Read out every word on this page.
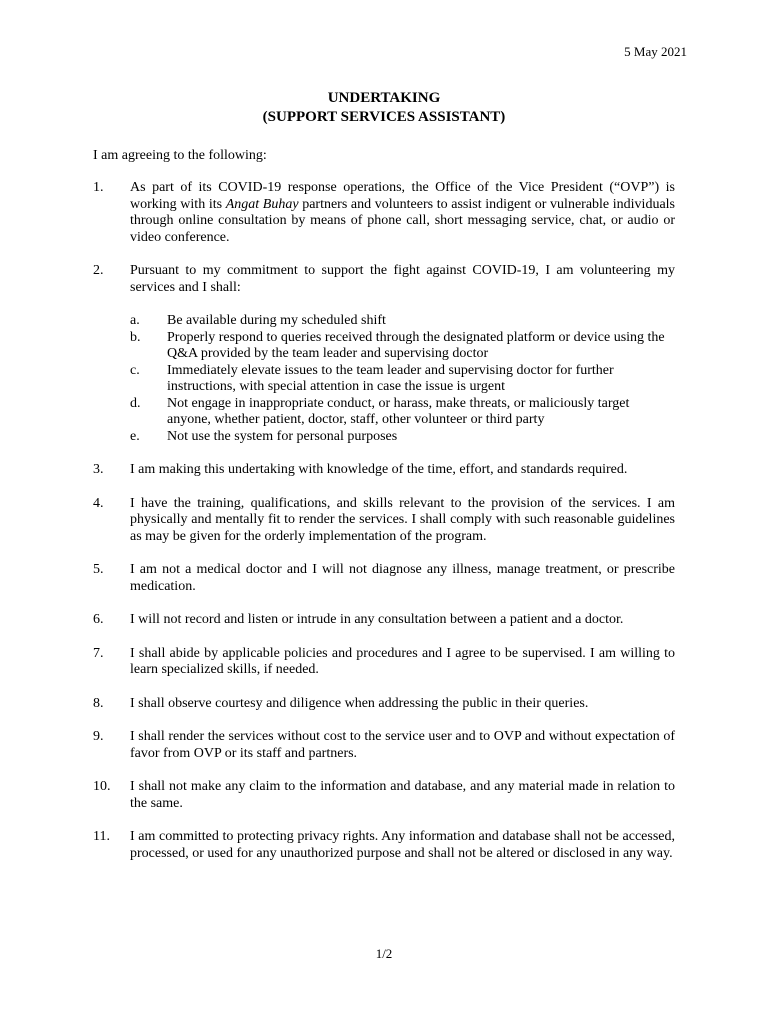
5 May 2021
UNDERTAKING
(SUPPORT SERVICES ASSISTANT)
I am agreeing to the following:
1. As part of its COVID-19 response operations, the Office of the Vice President (“OVP”) is working with its Angat Buhay partners and volunteers to assist indigent or vulnerable individuals through online consultation by means of phone call, short messaging service, chat, or audio or video conference.
2. Pursuant to my commitment to support the fight against COVID-19, I am volunteering my services and I shall:
a. Be available during my scheduled shift
b. Properly respond to queries received through the designated platform or device using the Q&A provided by the team leader and supervising doctor
c. Immediately elevate issues to the team leader and supervising doctor for further instructions, with special attention in case the issue is urgent
d. Not engage in inappropriate conduct, or harass, make threats, or maliciously target anyone, whether patient, doctor, staff, other volunteer or third party
e. Not use the system for personal purposes
3. I am making this undertaking with knowledge of the time, effort, and standards required.
4. I have the training, qualifications, and skills relevant to the provision of the services. I am physically and mentally fit to render the services. I shall comply with such reasonable guidelines as may be given for the orderly implementation of the program.
5. I am not a medical doctor and I will not diagnose any illness, manage treatment, or prescribe medication.
6. I will not record and listen or intrude in any consultation between a patient and a doctor.
7. I shall abide by applicable policies and procedures and I agree to be supervised. I am willing to learn specialized skills, if needed.
8. I shall observe courtesy and diligence when addressing the public in their queries.
9. I shall render the services without cost to the service user and to OVP and without expectation of favor from OVP or its staff and partners.
10. I shall not make any claim to the information and database, and any material made in relation to the same.
11. I am committed to protecting privacy rights. Any information and database shall not be accessed, processed, or used for any unauthorized purpose and shall not be altered or disclosed in any way.
1/2
